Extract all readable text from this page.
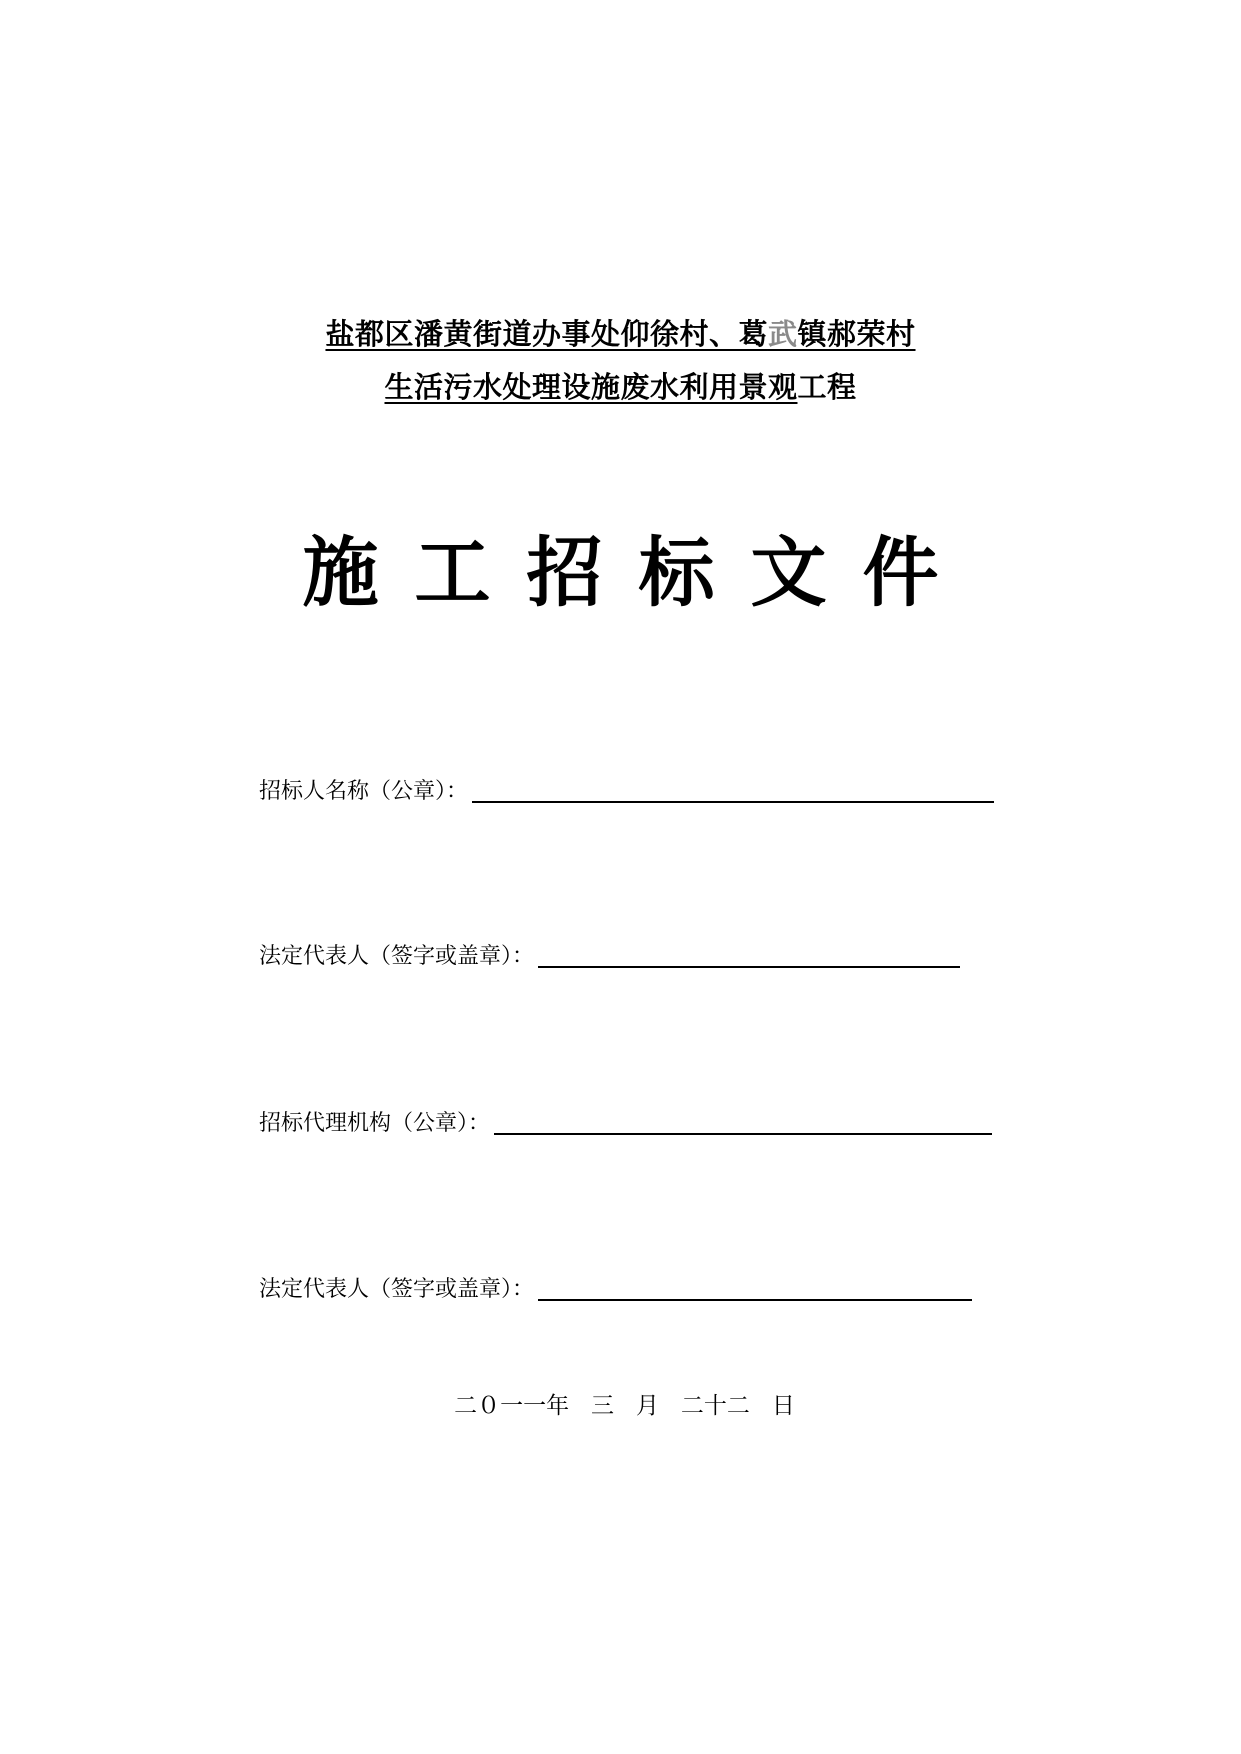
盐都区潘黄街道办事处仰徐村、葛武镇郝荣村
生活污水处理设施废水利用景观工程
施 工 招 标 文 件
招标人名称（公章）：
法定代表人（签字或盖章）：
招标代理机构（公章）：
法定代表人（签字或盖章）：
二０一一年   三   月   二十二   日
